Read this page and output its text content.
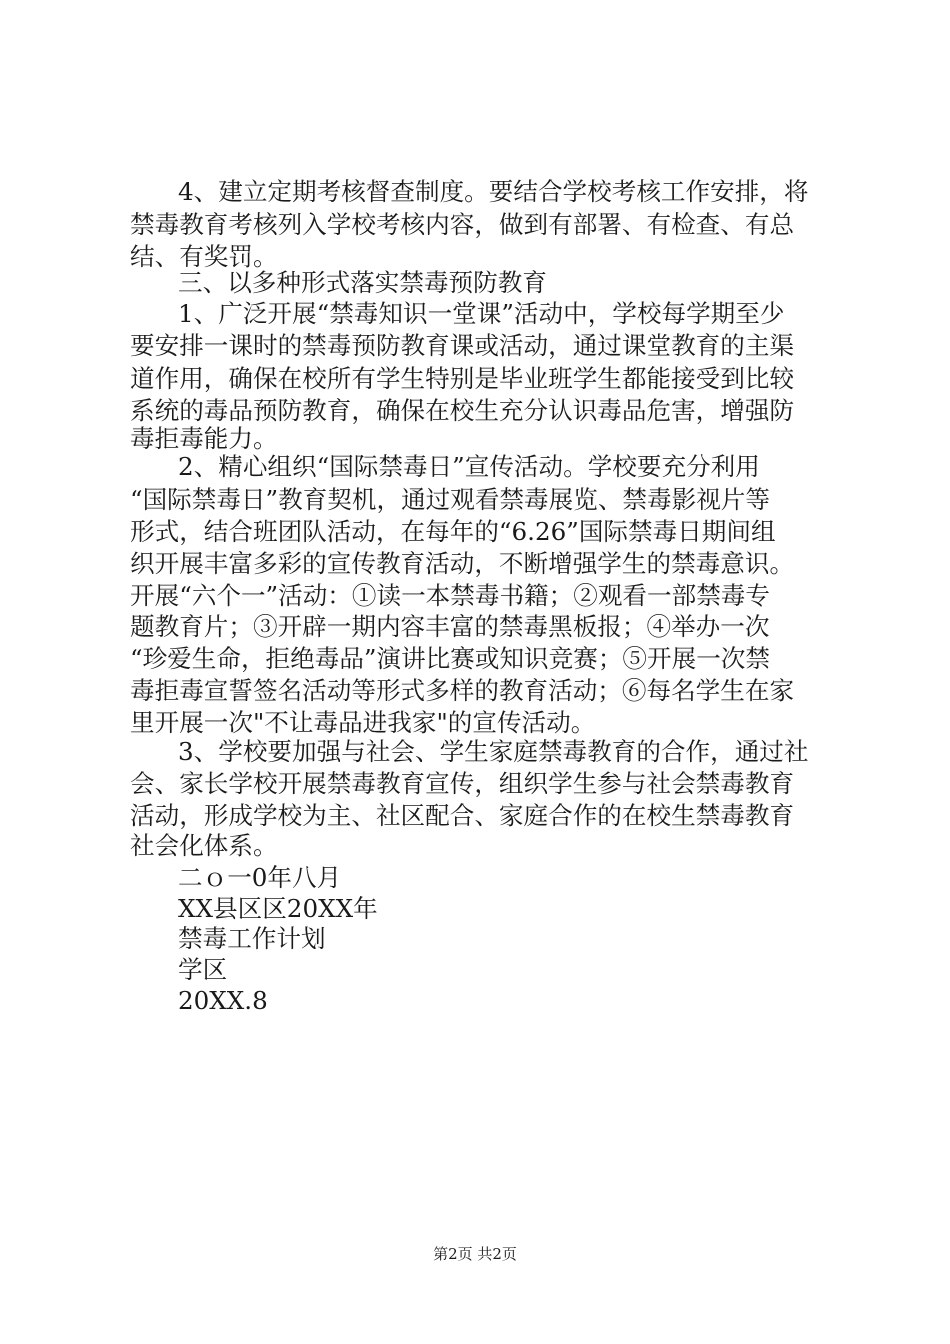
4、建立定期考核督查制度。要结合学校考核工作安排，将
禁毒教育考核列入学校考核内容，做到有部署、有检查、有总
结、有奖罚。
三、以多种形式落实禁毒预防教育
1、广泛开展“禁毒知识一堂课”活动中，学校每学期至少
要安排一课时的禁毒预防教育课或活动，通过课堂教育的主渠
道作用，确保在校所有学生特别是毕业班学生都能接受到比较
系统的毒品预防教育，确保在校生充分认识毒品危害，增强防
毒拒毒能力。
2、精心组织“国际禁毒日”宣传活动。学校要充分利用
“国际禁毒日”教育契机，通过观看禁毒展览、禁毒影视片等
形式，结合班团队活动，在每年的“6.26”国际禁毒日期间组
织开展丰富多彩的宣传教育活动，不断增强学生的禁毒意识。
开展“六个一”活动：①读一本禁毒书籍；②观看一部禁毒专
题教育片；③开辟一期内容丰富的禁毒黑板报；④举办一次
“珍爱生命，拒绝毒品”演讲比赛或知识竞赛；⑤开展一次禁
毒拒毒宣誓签名活动等形式多样的教育活动；⑥每名学生在家
里开展一次"不让毒品进我家"的宣传活动。
3、学校要加强与社会、学生家庭禁毒教育的合作，通过社
会、家长学校开展禁毒教育宣传，组织学生参与社会禁毒教育
活动，形成学校为主、社区配合、家庭合作的在校生禁毒教育
社会化体系。
二ｏ一0年八月
XX县区区20XX年
禁毒工作计划
学区
20XX.8
第2页 共2页
